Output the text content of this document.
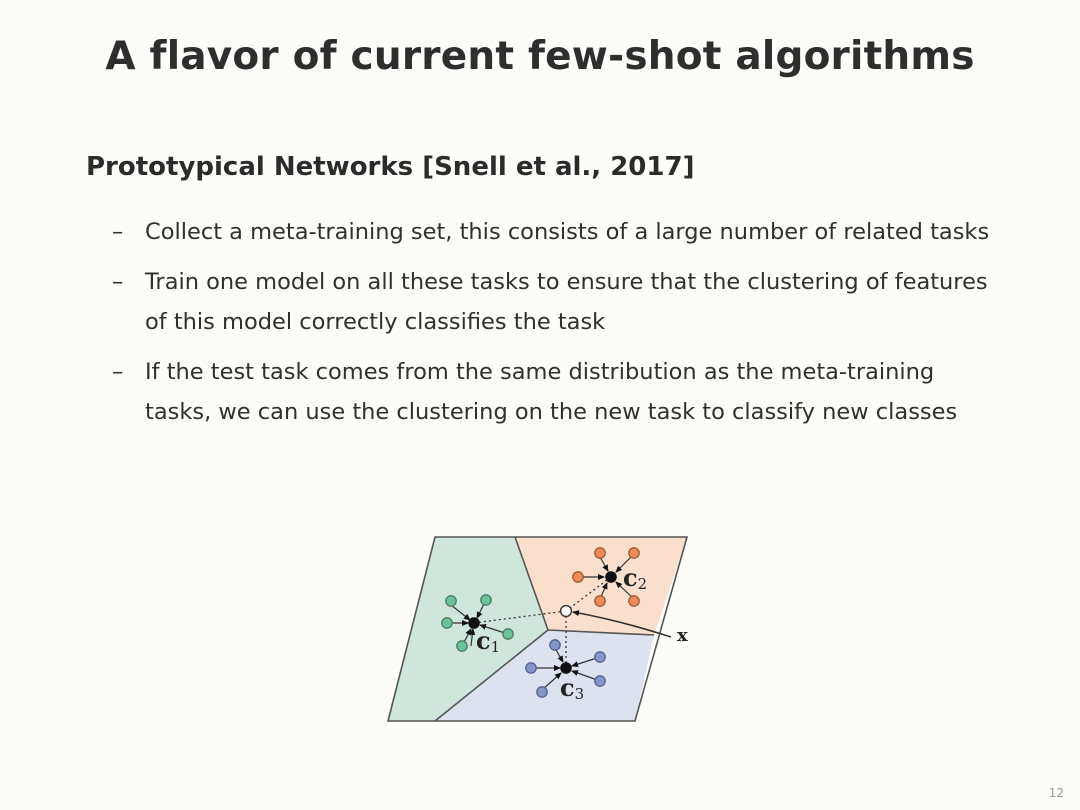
A flavor of current few-shot algorithms
Prototypical Networks [Snell et al., 2017]
– Collect a meta-training set, this consists of a large number of related tasks
– Train one model on all these tasks to ensure that the clustering of features of this model correctly classifies the task
– If the test task comes from the same distribution as the meta-training tasks, we can use the clustering on the new task to classify new classes
c1
c2
c3
x
12
